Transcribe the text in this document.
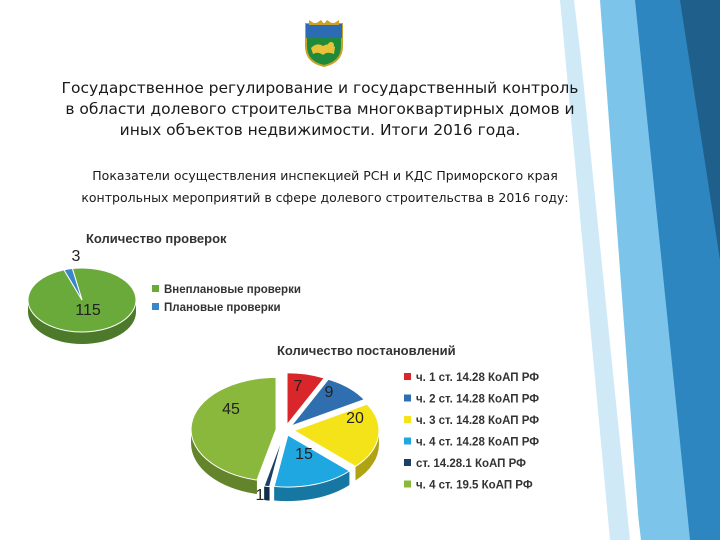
Государственное регулирование и государственный контроль
в области долевого строительства многоквартирных домов и
иных объектов недвижимости. Итоги 2016 года.
Показатели осуществления инспекцией РСН и КДС Приморского края
контрольных мероприятий в сфере долевого строительства в 2016 году:
Количество проверок
115
3
Внеплановые проверки
Плановые проверки
Количество постановлений
7 9
20
15
1
45
ч. 1 ст. 14.28 КоАП РФ
ч. 2 ст. 14.28 КоАП РФ
ч. 3 ст. 14.28 КоАП РФ
ч. 4 ст. 14.28 КоАП РФ
ст. 14.28.1 КоАП РФ
ч. 4 ст. 19.5 КоАП РФ
